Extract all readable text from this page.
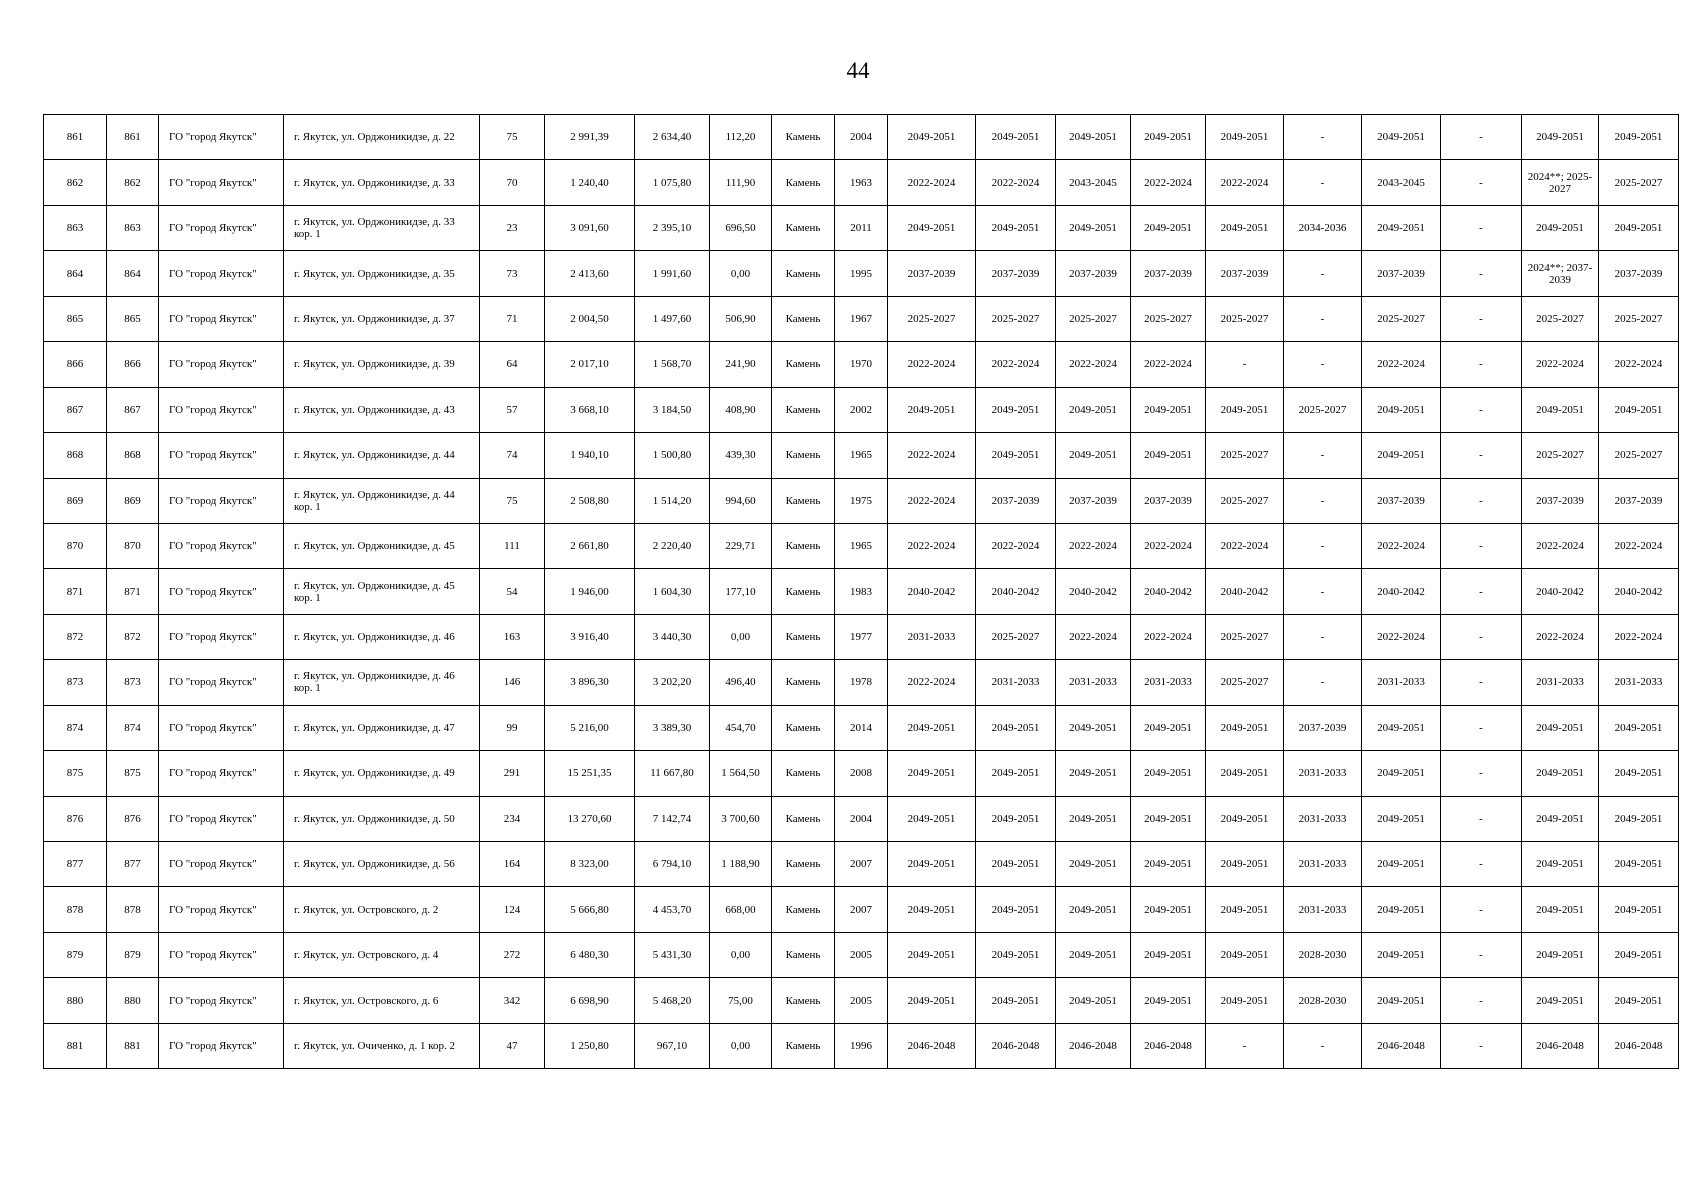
44
861	861	ГО "город Якутск"	г. Якутск, ул. Орджоникидзе, д. 22	75	2 991,39	2 634,40	112,20	Камень	2004	2049-2051	2049-2051	2049-2051	2049-2051	2049-2051	-	2049-2051	-	2049-2051	2049-2051
862	862	ГО "город Якутск"	г. Якутск, ул. Орджоникидзе, д. 33	70	1 240,40	1 075,80	111,90	Камень	1963	2022-2024	2022-2024	2043-2045	2022-2024	2022-2024	-	2043-2045	-	2024**; 2025-2027	2025-2027
863	863	ГО "город Якутск"	г. Якутск, ул. Орджоникидзе, д. 33 кор. 1	23	3 091,60	2 395,10	696,50	Камень	2011	2049-2051	2049-2051	2049-2051	2049-2051	2049-2051	2034-2036	2049-2051	-	2049-2051	2049-2051
864	864	ГО "город Якутск"	г. Якутск, ул. Орджоникидзе, д. 35	73	2 413,60	1 991,60	0,00	Камень	1995	2037-2039	2037-2039	2037-2039	2037-2039	2037-2039	-	2037-2039	-	2024**; 2037-2039	2037-2039
865	865	ГО "город Якутск"	г. Якутск, ул. Орджоникидзе, д. 37	71	2 004,50	1 497,60	506,90	Камень	1967	2025-2027	2025-2027	2025-2027	2025-2027	2025-2027	-	2025-2027	-	2025-2027	2025-2027
866	866	ГО "город Якутск"	г. Якутск, ул. Орджоникидзе, д. 39	64	2 017,10	1 568,70	241,90	Камень	1970	2022-2024	2022-2024	2022-2024	2022-2024	-	-	2022-2024	-	2022-2024	2022-2024
867	867	ГО "город Якутск"	г. Якутск, ул. Орджоникидзе, д. 43	57	3 668,10	3 184,50	408,90	Камень	2002	2049-2051	2049-2051	2049-2051	2049-2051	2049-2051	2025-2027	2049-2051	-	2049-2051	2049-2051
868	868	ГО "город Якутск"	г. Якутск, ул. Орджоникидзе, д. 44	74	1 940,10	1 500,80	439,30	Камень	1965	2022-2024	2049-2051	2049-2051	2049-2051	2025-2027	-	2049-2051	-	2025-2027	2025-2027
869	869	ГО "город Якутск"	г. Якутск, ул. Орджоникидзе, д. 44 кор. 1	75	2 508,80	1 514,20	994,60	Камень	1975	2022-2024	2037-2039	2037-2039	2037-2039	2025-2027	-	2037-2039	-	2037-2039	2037-2039
870	870	ГО "город Якутск"	г. Якутск, ул. Орджоникидзе, д. 45	111	2 661,80	2 220,40	229,71	Камень	1965	2022-2024	2022-2024	2022-2024	2022-2024	2022-2024	-	2022-2024	-	2022-2024	2022-2024
871	871	ГО "город Якутск"	г. Якутск, ул. Орджоникидзе, д. 45 кор. 1	54	1 946,00	1 604,30	177,10	Камень	1983	2040-2042	2040-2042	2040-2042	2040-2042	2040-2042	-	2040-2042	-	2040-2042	2040-2042
872	872	ГО "город Якутск"	г. Якутск, ул. Орджоникидзе, д. 46	163	3 916,40	3 440,30	0,00	Камень	1977	2031-2033	2025-2027	2022-2024	2022-2024	2025-2027	-	2022-2024	-	2022-2024	2022-2024
873	873	ГО "город Якутск"	г. Якутск, ул. Орджоникидзе, д. 46 кор. 1	146	3 896,30	3 202,20	496,40	Камень	1978	2022-2024	2031-2033	2031-2033	2031-2033	2025-2027	-	2031-2033	-	2031-2033	2031-2033
874	874	ГО "город Якутск"	г. Якутск, ул. Орджоникидзе, д. 47	99	5 216,00	3 389,30	454,70	Камень	2014	2049-2051	2049-2051	2049-2051	2049-2051	2049-2051	2037-2039	2049-2051	-	2049-2051	2049-2051
875	875	ГО "город Якутск"	г. Якутск, ул. Орджоникидзе, д. 49	291	15 251,35	11 667,80	1 564,50	Камень	2008	2049-2051	2049-2051	2049-2051	2049-2051	2049-2051	2031-2033	2049-2051	-	2049-2051	2049-2051
876	876	ГО "город Якутск"	г. Якутск, ул. Орджоникидзе, д. 50	234	13 270,60	7 142,74	3 700,60	Камень	2004	2049-2051	2049-2051	2049-2051	2049-2051	2049-2051	2031-2033	2049-2051	-	2049-2051	2049-2051
877	877	ГО "город Якутск"	г. Якутск, ул. Орджоникидзе, д. 56	164	8 323,00	6 794,10	1 188,90	Камень	2007	2049-2051	2049-2051	2049-2051	2049-2051	2049-2051	2031-2033	2049-2051	-	2049-2051	2049-2051
878	878	ГО "город Якутск"	г. Якутск, ул. Островского, д. 2	124	5 666,80	4 453,70	668,00	Камень	2007	2049-2051	2049-2051	2049-2051	2049-2051	2049-2051	2031-2033	2049-2051	-	2049-2051	2049-2051
879	879	ГО "город Якутск"	г. Якутск, ул. Островского, д. 4	272	6 480,30	5 431,30	0,00	Камень	2005	2049-2051	2049-2051	2049-2051	2049-2051	2049-2051	2028-2030	2049-2051	-	2049-2051	2049-2051
880	880	ГО "город Якутск"	г. Якутск, ул. Островского, д. 6	342	6 698,90	5 468,20	75,00	Камень	2005	2049-2051	2049-2051	2049-2051	2049-2051	2049-2051	2028-2030	2049-2051	-	2049-2051	2049-2051
881	881	ГО "город Якутск"	г. Якутск, ул. Очиченко, д. 1 кор. 2	47	1 250,80	967,10	0,00	Камень	1996	2046-2048	2046-2048	2046-2048	2046-2048	-	-	2046-2048	-	2046-2048	2046-2048
